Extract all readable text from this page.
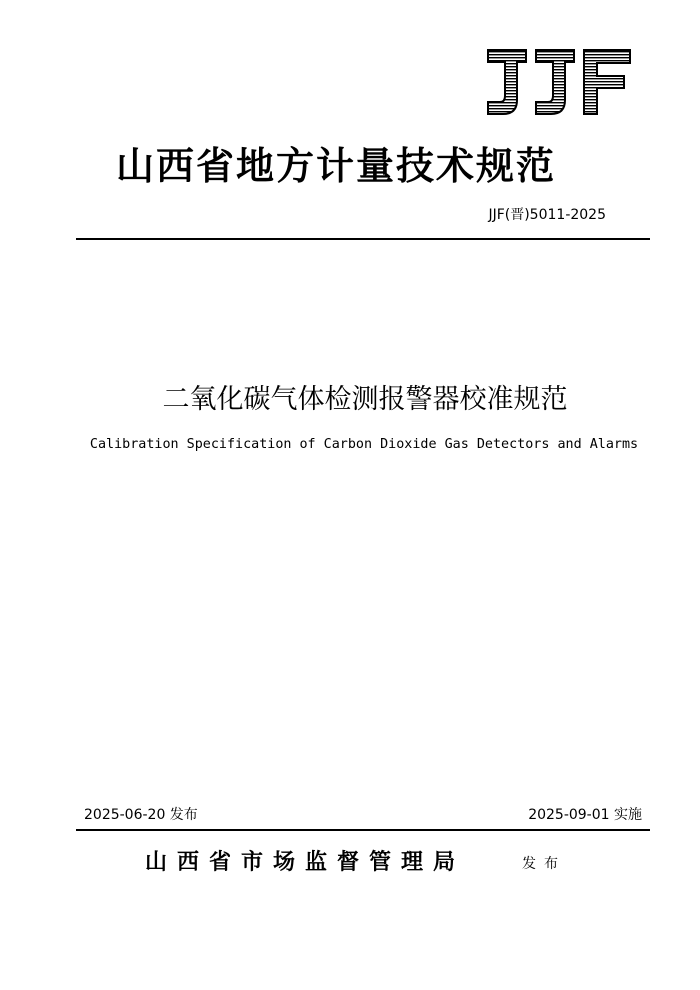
山西省地方计量技术规范
JJF(晋)5011-2025
二氧化碳气体检测报警器校准规范
Calibration Specification of Carbon Dioxide Gas Detectors and Alarms
2025-06-20 发布	2025-09-01 实施
山西省市场监督管理局	发布
